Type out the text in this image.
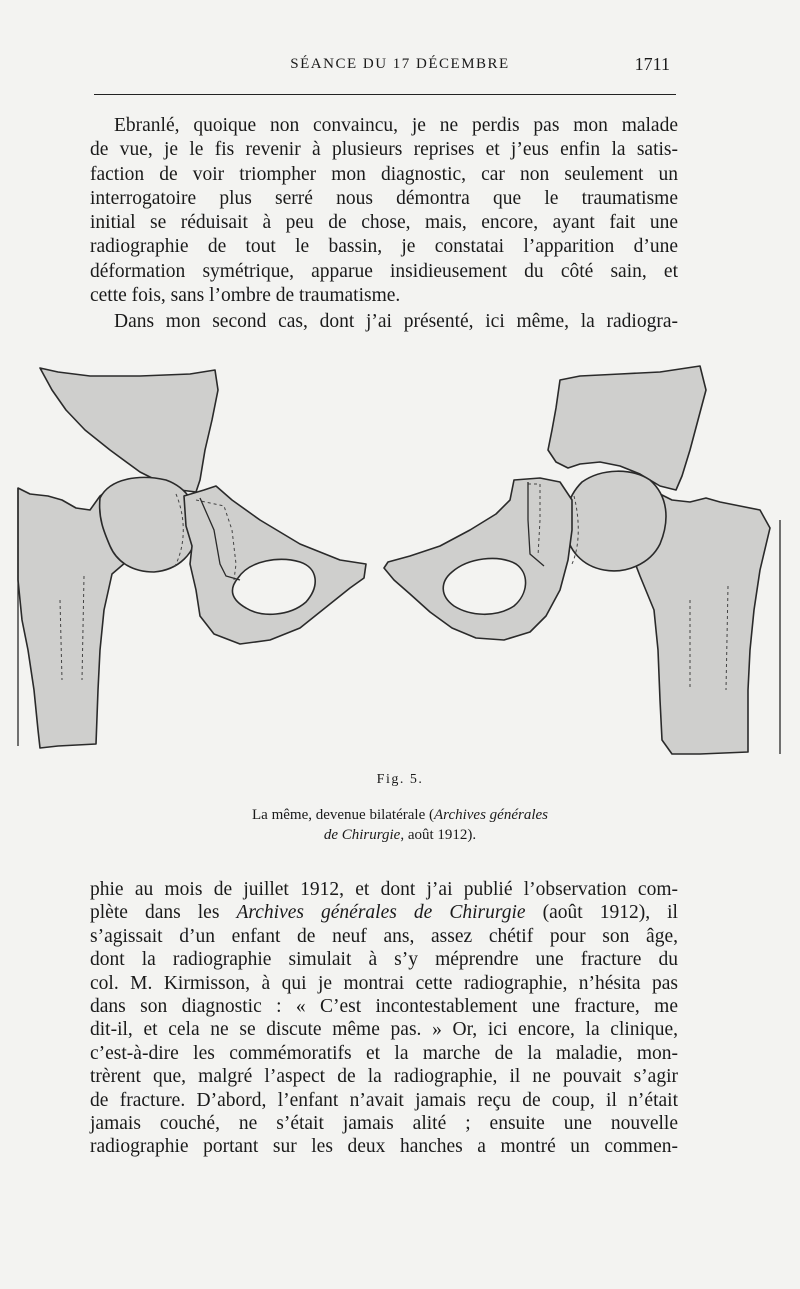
SÉANCE DU 17 DÉCEMBRE	1711
Ebranlé, quoique non convaincu, je ne perdis pas mon malade
de vue, je le fis revenir à plusieurs reprises et j’eus enfin la satis-
faction de voir triompher mon diagnostic, car non seulement un
interrogatoire plus serré nous démontra que le traumatisme
initial se réduisait à peu de chose, mais, encore, ayant fait une
radiographie de tout le bassin, je constatai l’apparition d’une
déformation symétrique, apparue insidieusement du côté sain, et
cette fois, sans l’ombre de traumatisme.
Dans mon second cas, dont j’ai présenté, ici même, la radiogra-
Fig. 5.
La même, devenue bilatérale (Archives générales
de Chirurgie, août 1912).
phie au mois de juillet 1912, et dont j’ai publié l’observation com-
plète dans les Archives générales de Chirurgie (août 1912), il
s’agissait d’un enfant de neuf ans, assez chétif pour son âge,
dont la radiographie simulait à s’y méprendre une fracture du
col. M. Kirmisson, à qui je montrai cette radiographie, n’hésita pas
dans son diagnostic : « C’est incontestablement une fracture, me
dit-il, et cela ne se discute même pas. » Or, ici encore, la clinique,
c’est-à-dire les commémoratifs et la marche de la maladie, mon-
trèrent que, malgré l’aspect de la radiographie, il ne pouvait s’agir
de fracture. D’abord, l’enfant n’avait jamais reçu de coup, il n’était
jamais couché, ne s’était jamais alité ; ensuite une nouvelle
radiographie portant sur les deux hanches a montré un commen-
